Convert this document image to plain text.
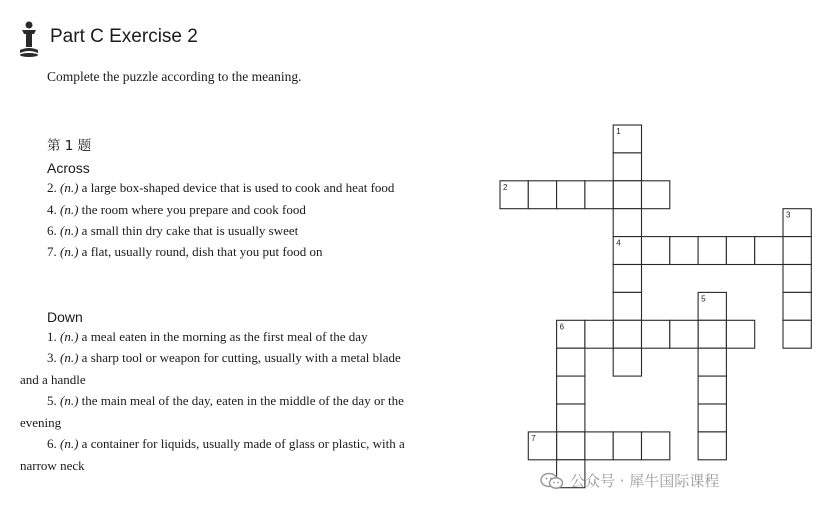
Part C Exercise 2
Complete the puzzle according to the meaning.
第 1 题
Across
2. (n.) a large box-shaped device that is used to cook and heat food
4. (n.) the room where you prepare and cook food
6. (n.) a small thin dry cake that is usually sweet
7. (n.) a flat, usually round, dish that you put food on
Down
1. (n.) a meal eaten in the morning as the first meal of the day
3. (n.) a sharp tool or weapon for cutting, usually with a metal blade
and a handle
5. (n.) the main meal of the day, eaten in the middle of the day or the
evening
6. (n.) a container for liquids, usually made of glass or plastic, with a
narrow neck
1
2
3
4
5
6
7
公众号 · 犀牛国际课程
